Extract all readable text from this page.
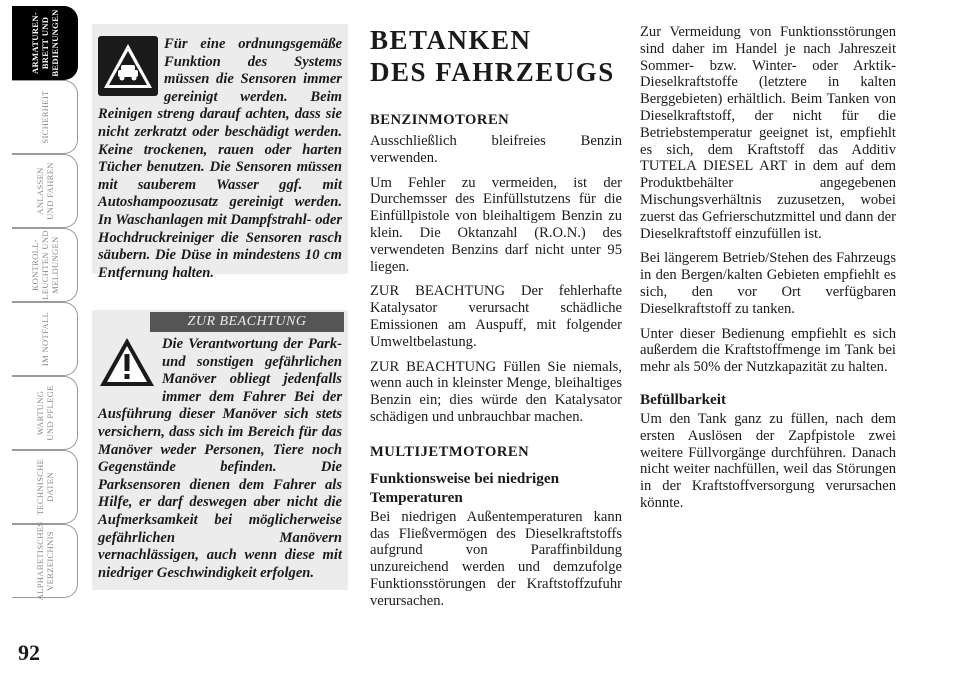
ARMATUREN-
BRETT UND
BEDIENUNGEN
SICHERHEIT
ANLASSEN
UND FAHREN
KONTROLL-
LEUCHTEN UND
MELDUNGEN
IM NOTFALL
WARTUNG
UND PFLEGE
TECHNISCHE
DATEN
ALPHABETISCHES
VERZEICHNIS
92
Für eine ordnungsgemäße Funktion des Systems müssen die Sensoren immer gereinigt werden. Beim Reinigen streng darauf achten, dass sie nicht zerkratzt oder beschädigt werden. Keine trockenen, rauen oder harten Tücher benutzen. Die Sensoren müssen mit sauberem Wasser ggf. mit Autoshampoozusatz gereinigt werden. In Waschanlagen mit Dampfstrahl- oder Hochdruckreiniger die Sensoren rasch säubern. Die Düse in mindestens 10 cm Entfernung halten.
ZUR BEACHTUNG
Die Verantwortung der Park- und sonstigen gefährlichen Manöver obliegt jedenfalls immer dem Fahrer Bei der Ausführung dieser Manöver sich stets versichern, dass sich im Bereich für das Manöver weder Personen, Tiere noch Gegenstände befinden. Die Parksensoren dienen dem Fahrer als Hilfe, er darf deswegen aber nicht die Aufmerksamkeit bei möglicherweise gefährlichen Manövern vernachlässigen, auch wenn diese mit niedriger Geschwindigkeit erfolgen.
BETANKEN
DES FAHRZEUGS
BENZINMOTOREN

Ausschließlich bleifreies Benzin verwenden.

Um Fehler zu vermeiden, ist der Durchemsser des Einfüllstutzens für die Einfüllpistole von bleihaltigem Benzin zu klein. Die Oktanzahl (R.O.N.) des verwendeten Benzins darf nicht unter 95 liegen.

ZUR BEACHTUNG Der fehlerhafte Katalysator verursacht schädliche Emissionen am Auspuff, mit folgender Umweltbelastung.

ZUR BEACHTUNG Füllen Sie niemals, wenn auch in kleinster Menge, bleihaltiges Benzin ein; dies würde den Katalysator schädigen und unbrauchbar machen.

MULTIJETMOTOREN
Funktionsweise bei niedrigen Temperaturen

Bei niedrigen Außentemperaturen kann das Fließvermögen des Dieselkraftstoffs aufgrund von Paraffinbildung unzureichend werden und demzufolge Funktionsstörungen der Kraftstoffzufuhr verursachen.

Zur Vermeidung von Funktionsstörungen sind daher im Handel je nach Jahreszeit Sommer- bzw. Winter- oder Arktik-Dieselkraftstoffe (letztere in kalten Berggebieten) erhältlich. Beim Tanken von Dieselkraftstoff, der nicht für die Betriebstemperatur geeignet ist, empfiehlt es sich, dem Kraftstoff das Additiv TUTELA DIESEL ART in dem auf dem Produktbehälter angegebenen Mischungsverhältnis zuzusetzen, wobei zuerst das Gefrierschutzmittel und dann der Dieselkraftstoff einzufüllen ist.

Bei längerem Betrieb/Stehen des Fahrzeugs in den Bergen/kalten Gebieten empfiehlt es sich, den vor Ort verfügbaren Dieselkraftstoff zu tanken.

Unter dieser Bedienung empfiehlt es sich außerdem die Kraftstoffmenge im Tank bei mehr als 50% der Nutzkapazität zu halten.

Befüllbarkeit

Um den Tank ganz zu füllen, nach dem ersten Auslösen der Zapfpistole zwei weitere Füllvorgänge durchführen. Danach nicht weiter nachfüllen, weil das Störungen in der Kraftstoffversorgung verursachen könnte.
